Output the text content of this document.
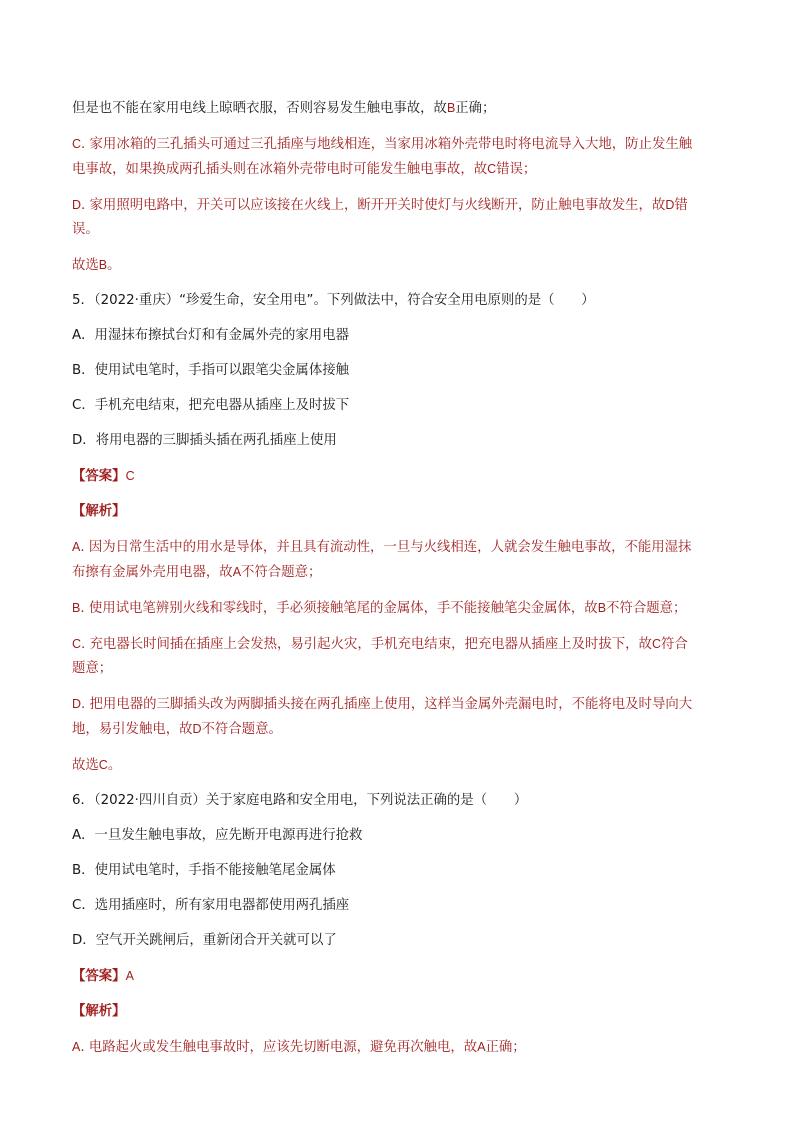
但是也不能在家用电线上晾晒衣服，否则容易发生触电事故，故B正确；

C. 家用冰箱的三孔插头可通过三孔插座与地线相连，当家用冰箱外壳带电时将电流导入大地，防止发生触
电事故，如果换成两孔插头则在冰箱外壳带电时可能发生触电事故，故C错误；

D. 家用照明电路中，开关可以应该接在火线上，断开开关时使灯与火线断开，防止触电事故发生，故D错
误。

故选B。

5．（2022·重庆）“珍爱生命，安全用电”。下列做法中，符合安全用电原则的是（　　）

A．用湿抹布擦拭台灯和有金属外壳的家用电器

B．使用试电笔时，手指可以跟笔尖金属体接触

C．手机充电结束，把充电器从插座上及时拔下

D．将用电器的三脚插头插在两孔插座上使用

【答案】C

【解析】

A. 因为日常生活中的用水是导体，并且具有流动性，一旦与火线相连，人就会发生触电事故，不能用湿抹
布擦有金属外壳用电器，故A不符合题意；

B. 使用试电笔辨别火线和零线时，手必须接触笔尾的金属体，手不能接触笔尖金属体，故B不符合题意；

C. 充电器长时间插在插座上会发热，易引起火灾，手机充电结束，把充电器从插座上及时拔下，故C符合
题意；

D. 把用电器的三脚插头改为两脚插头接在两孔插座上使用，这样当金属外壳漏电时，不能将电及时导向大
地，易引发触电，故D不符合题意。

故选C。

6．（2022·四川自贡）关于家庭电路和安全用电，下列说法正确的是（　　）

A．一旦发生触电事故，应先断开电源再进行抢救

B．使用试电笔时，手指不能接触笔尾金属体

C．选用插座时，所有家用电器都使用两孔插座

D．空气开关跳闸后，重新闭合开关就可以了

【答案】A

【解析】

A. 电路起火或发生触电事故时，应该先切断电源，避免再次触电，故A正确；
